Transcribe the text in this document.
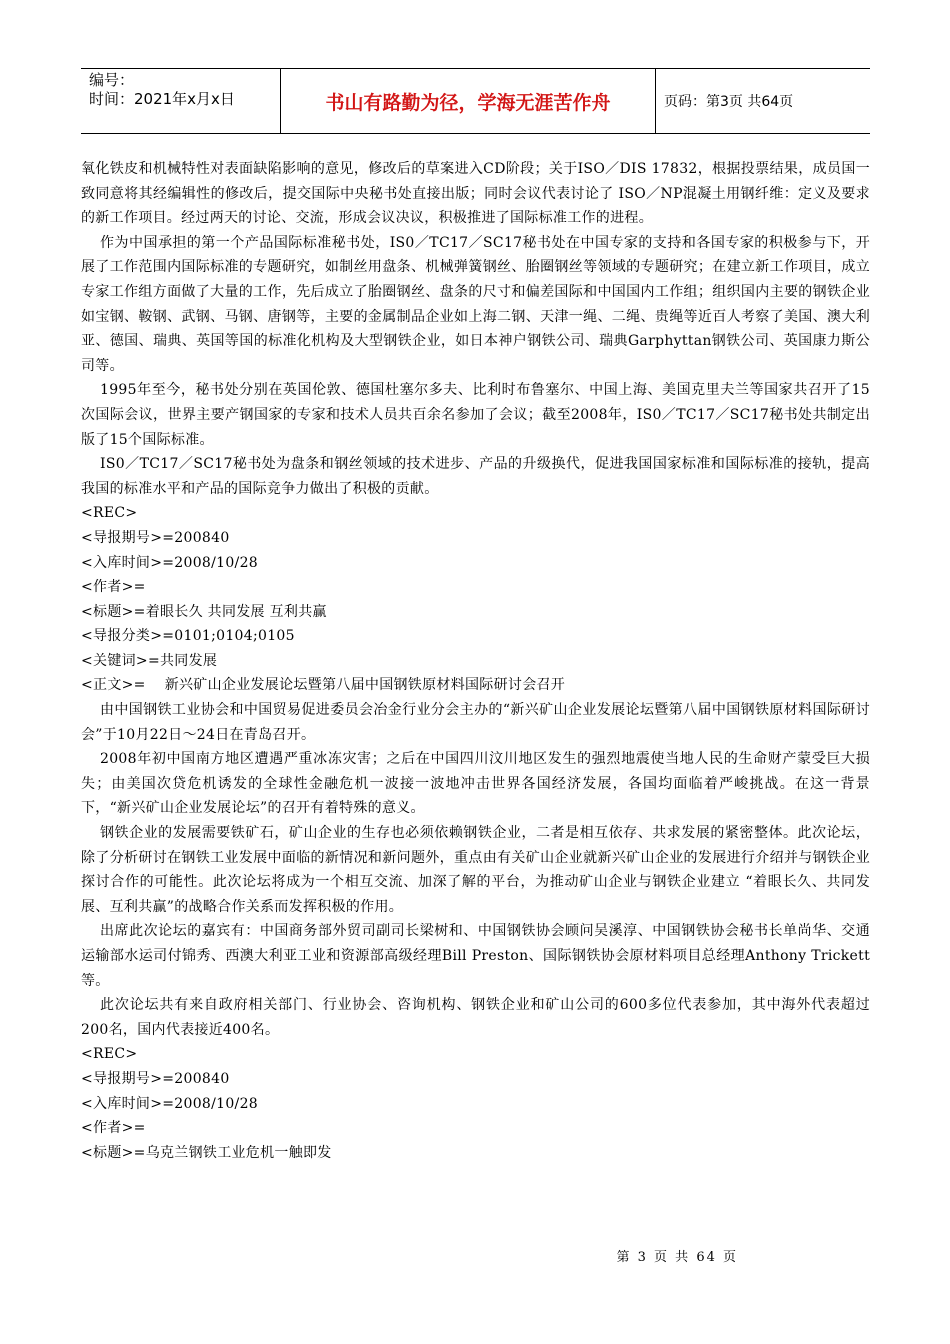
编号：
时间：2021年x月x日	书山有路勤为径，学海无涯苦作舟	页码：第3页 共64页

氧化铁皮和机械特性对表面缺陷影响的意见，修改后的草案进入CD阶段；关于ISO／DIS 17832，根据投票结果，成员国一致同意将其经编辑性的修改后，提交国际中央秘书处直接出版；同时会议代表讨论了 ISO／NP混凝土用钢纤维：定义及要求的新工作项目。经过两天的讨论、交流，形成会议决议，积极推进了国际标准工作的进程。

作为中国承担的第一个产品国际标准秘书处，IS0／TC17／SC17秘书处在中国专家的支持和各国专家的积极参与下，开展了工作范围内国际标准的专题研究，如制丝用盘条、机械弹簧钢丝、胎圈钢丝等领域的专题研究；在建立新工作项目，成立专家工作组方面做了大量的工作，先后成立了胎圈钢丝、盘条的尺寸和偏差国际和中国国内工作组；组织国内主要的钢铁企业如宝钢、鞍钢、武钢、马钢、唐钢等，主要的金属制品企业如上海二钢、天津一绳、二绳、贵绳等近百人考察了美国、澳大利亚、德国、瑞典、英国等国的标准化机构及大型钢铁企业，如日本神户钢铁公司、瑞典Garphyttan钢铁公司、英国康力斯公司等。

1995年至今，秘书处分别在英国伦敦、德国杜塞尔多夫、比利时布鲁塞尔、中国上海、美国克里夫兰等国家共召开了15次国际会议，世界主要产钢国家的专家和技术人员共百余名参加了会议；截至2008年，IS0／TC17／SC17秘书处共制定出版了15个国际标准。

IS0／TC17／SC17秘书处为盘条和钢丝领域的技术进步、产品的升级换代，促进我国国家标准和国际标准的接轨，提高我国的标准水平和产品的国际竞争力做出了积极的贡献。

<REC>

<导报期号>=200840

<入库时间>=2008/10/28

<作者>=

<标题>=着眼长久 共同发展 互利共赢

<导报分类>=0101;0104;0105

<关键词>=共同发展

<正文>=    新兴矿山企业发展论坛暨第八届中国钢铁原材料国际研讨会召开

由中国钢铁工业协会和中国贸易促进委员会冶金行业分会主办的“新兴矿山企业发展论坛暨第八届中国钢铁原材料国际研讨会”于10月22日～24日在青岛召开。

2008年初中国南方地区遭遇严重冰冻灾害；之后在中国四川汶川地区发生的强烈地震使当地人民的生命财产蒙受巨大损失；由美国次贷危机诱发的全球性金融危机一波接一波地冲击世界各国经济发展，各国均面临着严峻挑战。在这一背景下，“新兴矿山企业发展论坛”的召开有着特殊的意义。

钢铁企业的发展需要铁矿石，矿山企业的生存也必须依赖钢铁企业，二者是相互依存、共求发展的紧密整体。此次论坛，除了分析研讨在钢铁工业发展中面临的新情况和新问题外，重点由有关矿山企业就新兴矿山企业的发展进行介绍并与钢铁企业探讨合作的可能性。此次论坛将成为一个相互交流、加深了解的平台，为推动矿山企业与钢铁企业建立 “着眼长久、共同发展、互利共赢”的战略合作关系而发挥积极的作用。

出席此次论坛的嘉宾有：中国商务部外贸司副司长梁树和、中国钢铁协会顾问吴溪淳、中国钢铁协会秘书长单尚华、交通运输部水运司付锦秀、西澳大利亚工业和资源部高级经理Bill Preston、国际钢铁协会原材料项目总经理Anthony Trickett等。

此次论坛共有来自政府相关部门、行业协会、咨询机构、钢铁企业和矿山公司的600多位代表参加，其中海外代表超过200名，国内代表接近400名。

<REC>

<导报期号>=200840

<入库时间>=2008/10/28

<作者>=

<标题>=乌克兰钢铁工业危机一触即发

第 3 页 共 64 页
